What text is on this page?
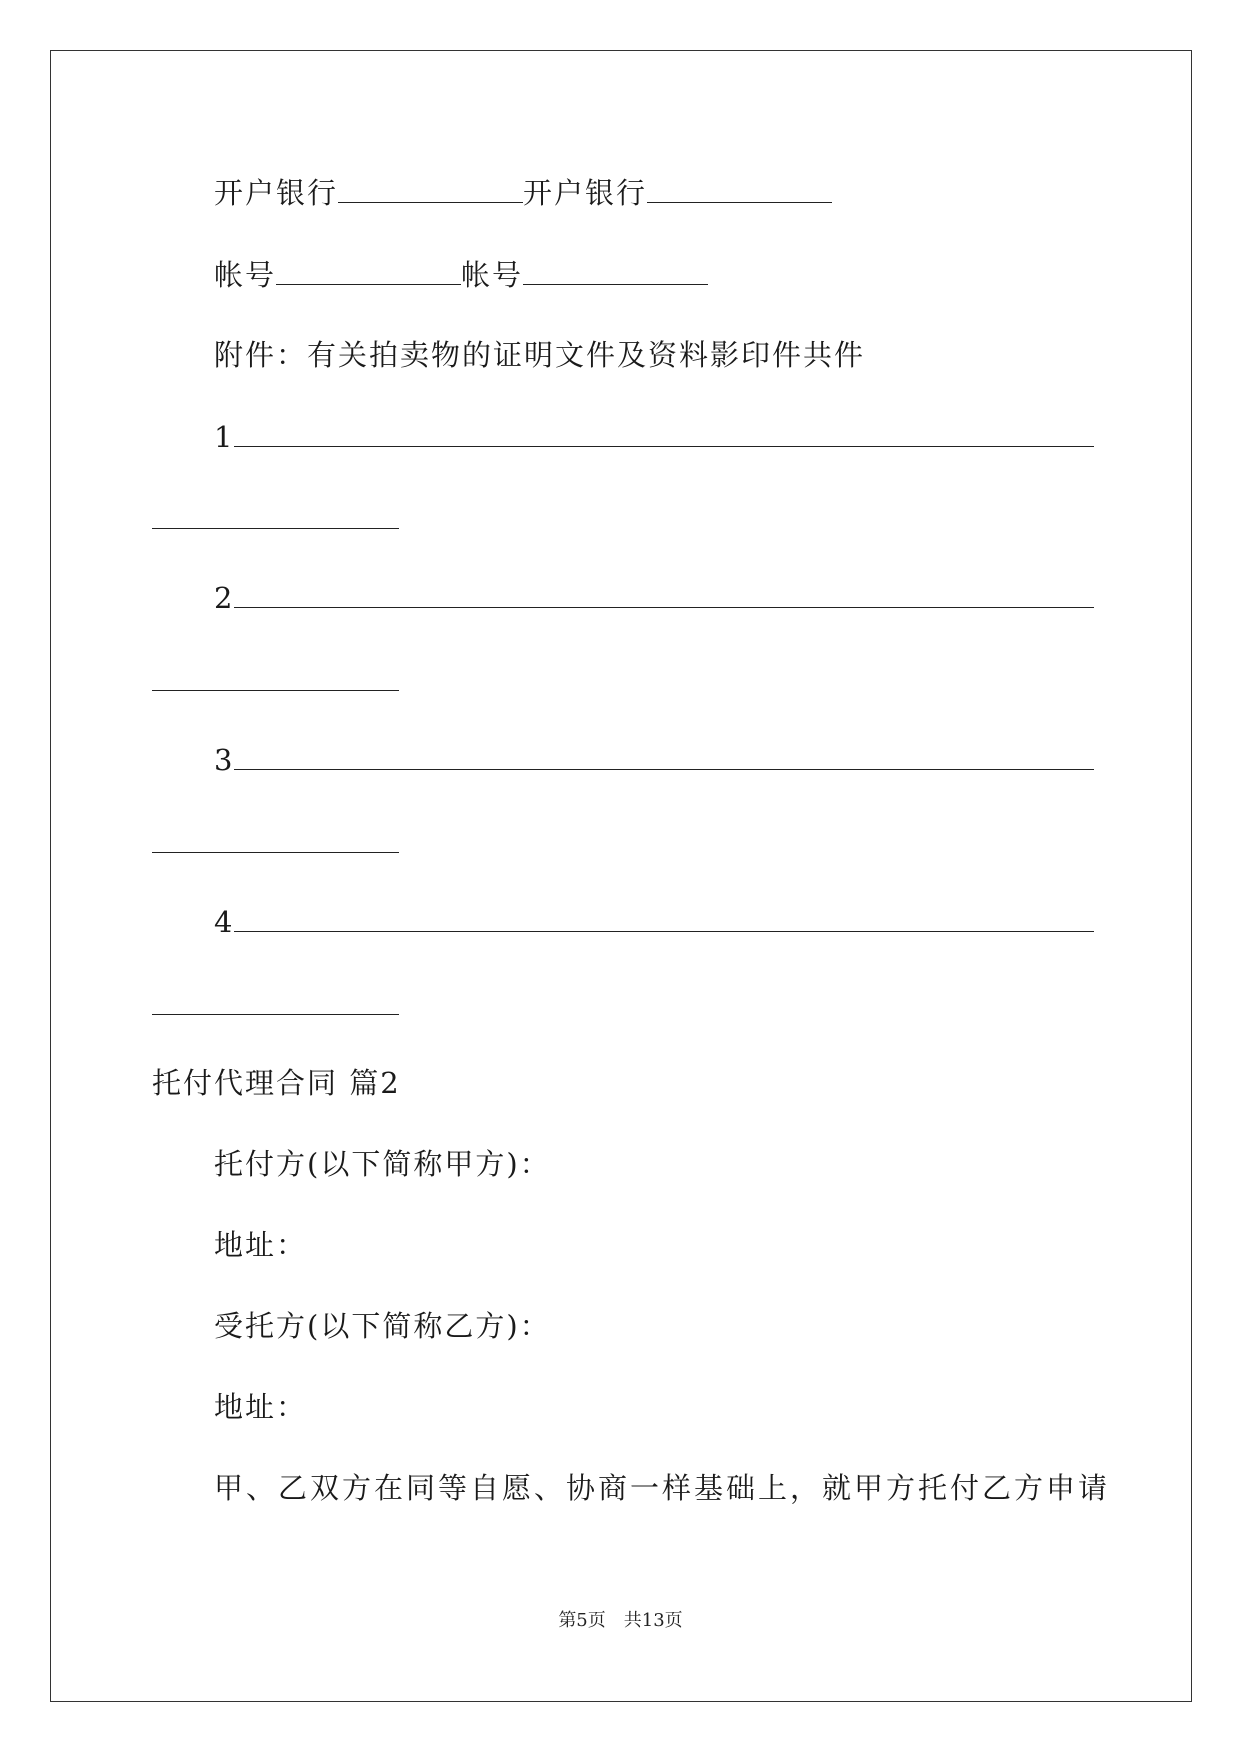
开户银行	开户银行
帐号	帐号
附件：有关拍卖物的证明文件及资料影印件共件
1
2
3
4
托付代理合同 篇2
托付方(以下简称甲方)：
地址：
受托方(以下简称乙方)：
地址：
甲、乙双方在同等自愿、协商一样基础上，就甲方托付乙方申请
第5页　共13页
